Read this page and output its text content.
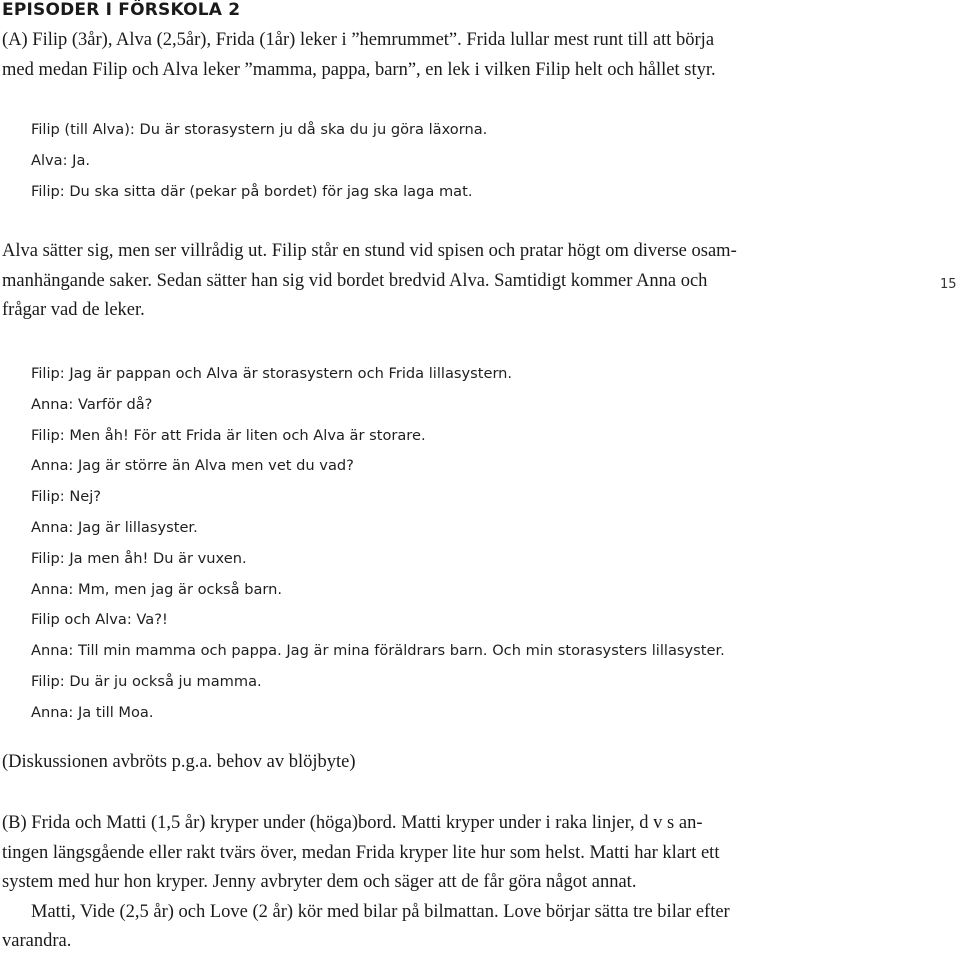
EPISODER I FÖRSKOLA 2
(A) Filip (3år), Alva (2,5år), Frida (1år) leker i ”hemrummet”. Frida lullar mest runt till att börja
med medan Filip och Alva leker ”mamma, pappa, barn”, en lek i vilken Filip helt och hållet styr.
Filip (till Alva): Du är storasystern ju då ska du ju göra läxorna.
Alva: Ja.
Filip: Du ska sitta där (pekar på bordet) för jag ska laga mat.
Alva sätter sig, men ser villrådig ut. Filip står en stund vid spisen och pratar högt om diverse osam-
manhängande saker. Sedan sätter han sig vid bordet bredvid Alva. Samtidigt kommer Anna och
frågar vad de leker.
15
Filip: Jag är pappan och Alva är storasystern och Frida lillasystern.
Anna: Varför då?
Filip: Men åh! För att Frida är liten och Alva är storare.
Anna: Jag är större än Alva men vet du vad?
Filip: Nej?
Anna: Jag är lillasyster.
Filip: Ja men åh! Du är vuxen.
Anna: Mm, men jag är också barn.
Filip och Alva: Va?!
Anna: Till min mamma och pappa. Jag är mina föräldrars barn. Och min storasysters lillasyster.
Filip: Du är ju också ju mamma.
Anna: Ja till Moa.
(Diskussionen avbröts p.g.a. behov av blöjbyte)
(B) Frida och Matti (1,5 år) kryper under (höga)bord. Matti kryper under i raka linjer, d v s an-
tingen längsgående eller rakt tvärs över, medan Frida kryper lite hur som helst. Matti har klart ett
system med hur hon kryper. Jenny avbryter dem och säger att de får göra något annat.
Matti, Vide (2,5 år) och Love (2 år) kör med bilar på bilmattan. Love börjar sätta tre bilar efter
varandra.
